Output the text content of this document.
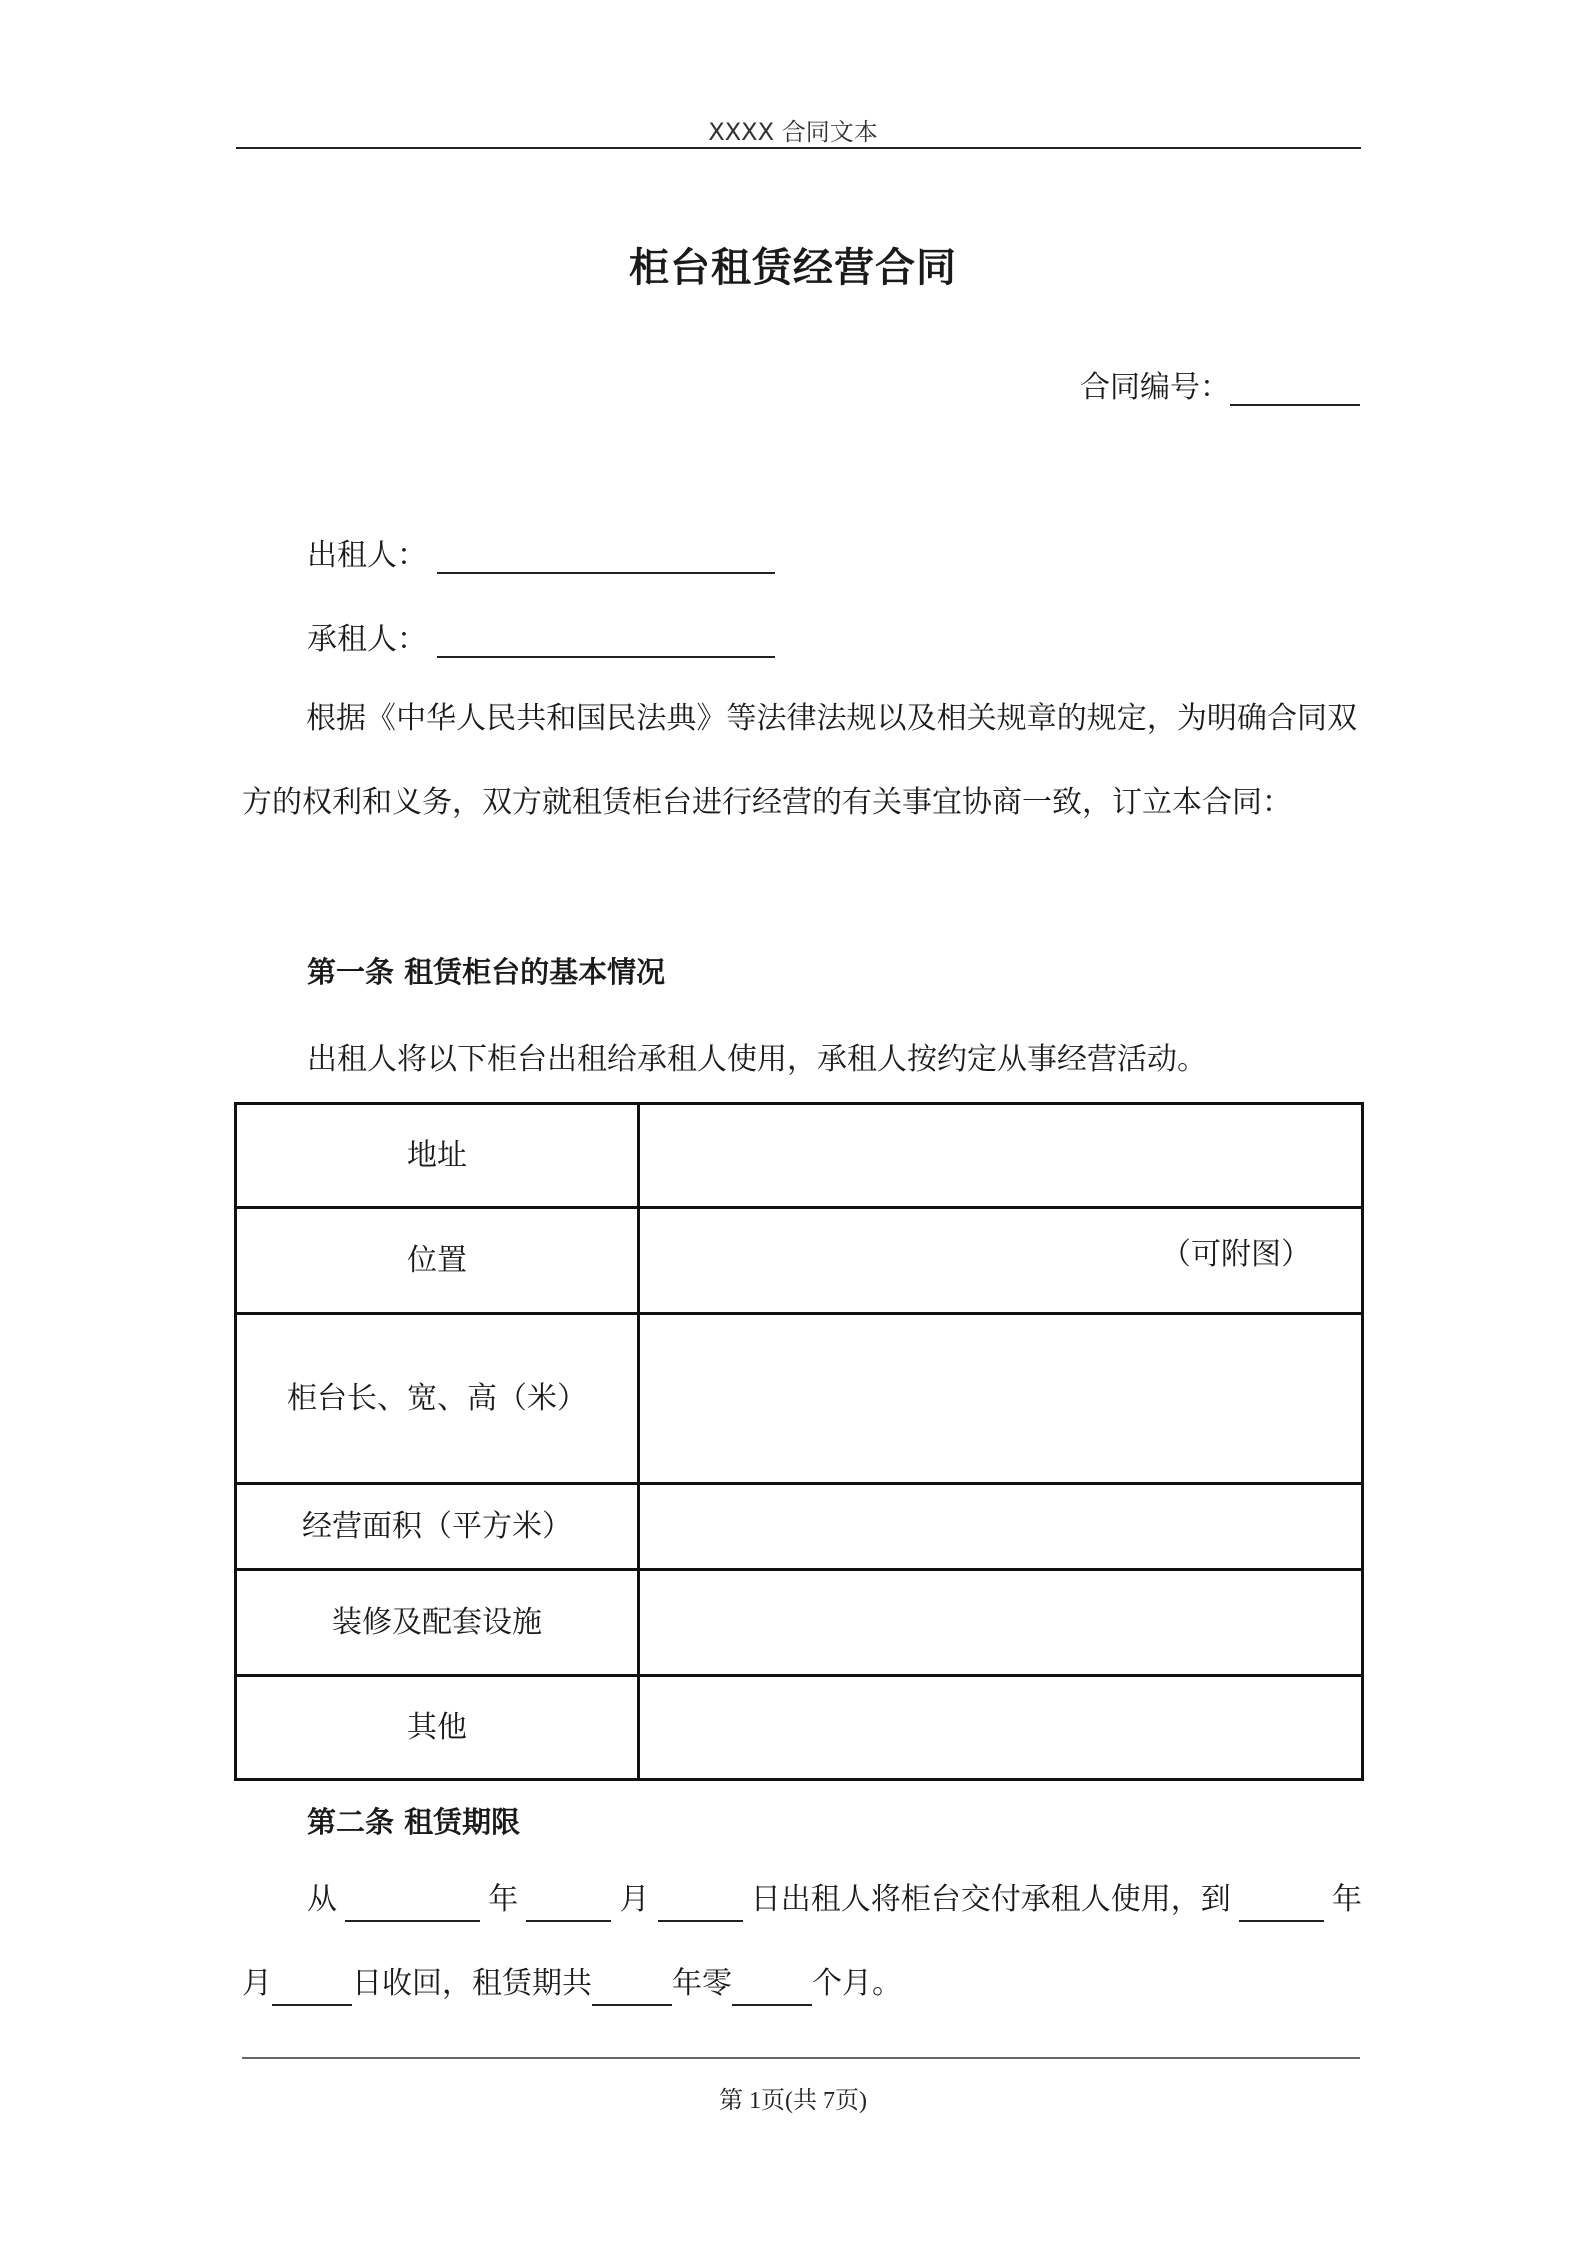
XXXX 合同文本
柜台租赁经营合同
合同编号：
出租人：
承租人：
根据《中华人民共和国民法典》等法律法规以及相关规章的规定，为明确合同双方的权利和义务，双方就租赁柜台进行经营的有关事宜协商一致，订立本合同：
第一条 租赁柜台的基本情况
出租人将以下柜台出租给承租人使用，承租人按约定从事经营活动。
地址	
位置	（可附图）

柜台长、宽、高（米）	
经营面积（平方米）	
装修及配套设施	
其他	
第二条 租赁期限
从	年	月	日出租人将柜台交付承租人使用，到	年
月	日收回，租赁期共	年零	个月。
第 1页(共 7页)
